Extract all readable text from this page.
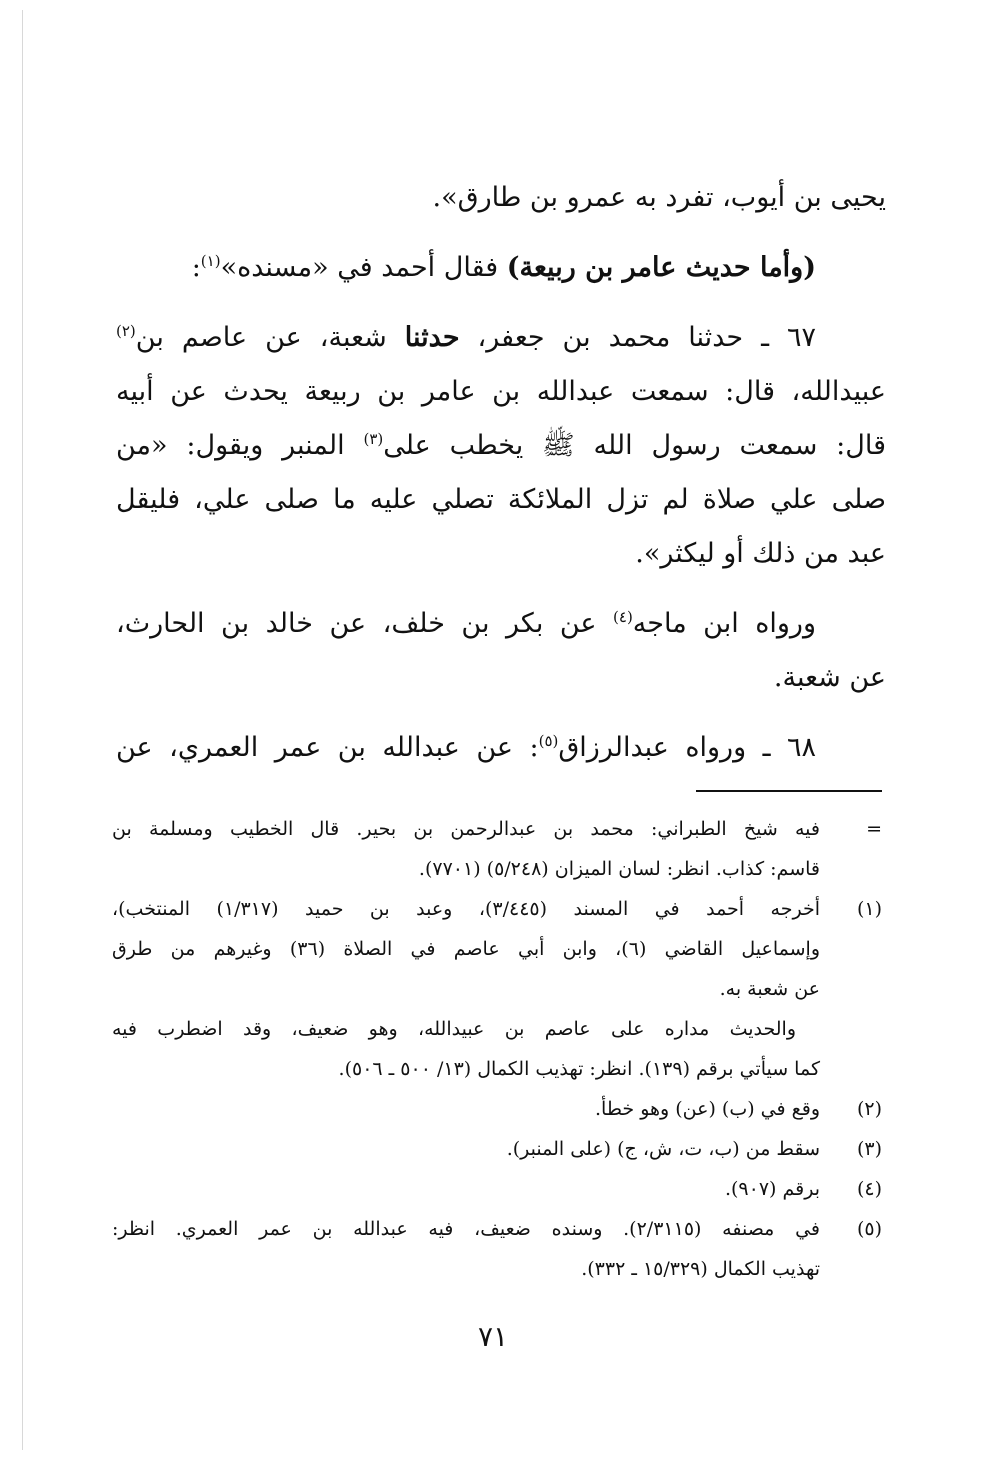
يحيى بن أيوب، تفرد به عمرو بن طارق».
(وأما حديث عامر بن ربيعة) فقال أحمد في «مسنده»$^{(١)}$:
٦٧ ـ حدثنا محمد بن جعفر، حدثنا شعبة، عن عاصم بن$^{(٢)}$
عبيدالله، قال: سمعت عبدالله بن عامر بن ربيعة يحدث عن أبيه
قال: سمعت رسول الله ﷺ يخطب على$^{(٣)}$ المنبر ويقول: «من
صلى علي صلاة لم تزل الملائكة تصلي عليه ما صلى علي، فليقل
عبد من ذلك أو ليكثر».
ورواه ابن ماجه$^{(٤)}$ عن بكر بن خلف، عن خالد بن الحارث،
عن شعبة.
٦٨ ـ ورواه عبدالرزاق$^{(٥)}$: عن عبدالله بن عمر العمري، عن
=
فيه شيخ الطبراني: محمد بن عبدالرحمن بن بحير. قال الخطيب ومسلمة بن
قاسم: كذاب. انظر: لسان الميزان (٥/٢٤٨) (٧٧٠١).
(١)
أخرجه أحمد في المسند (٣/٤٤٥)، وعبد بن حميد (١/٣١٧) المنتخب)،
وإسماعيل القاضي (٦)، وابن أبي عاصم في الصلاة (٣٦) وغيرهم من طرق
عن شعبة به.
والحديث مداره على عاصم بن عبيدالله، وهو ضعيف، وقد اضطرب فيه
كما سيأتي برقم (١٣٩). انظر: تهذيب الكمال (١٣/ ٥٠٠ ـ ٥٠٦).
(٢)
وقع في (ب) (عن) وهو خطأ.
(٣)
سقط من (ب، ت، ش، ج) (على المنبر).
(٤)
برقم (٩٠٧).
(٥)
في مصنفه (٢/٣١١٥). وسنده ضعيف، فيه عبدالله بن عمر العمري. انظر:
تهذيب الكمال (١٥/٣٢٩ ـ ٣٣٢).
٧١
